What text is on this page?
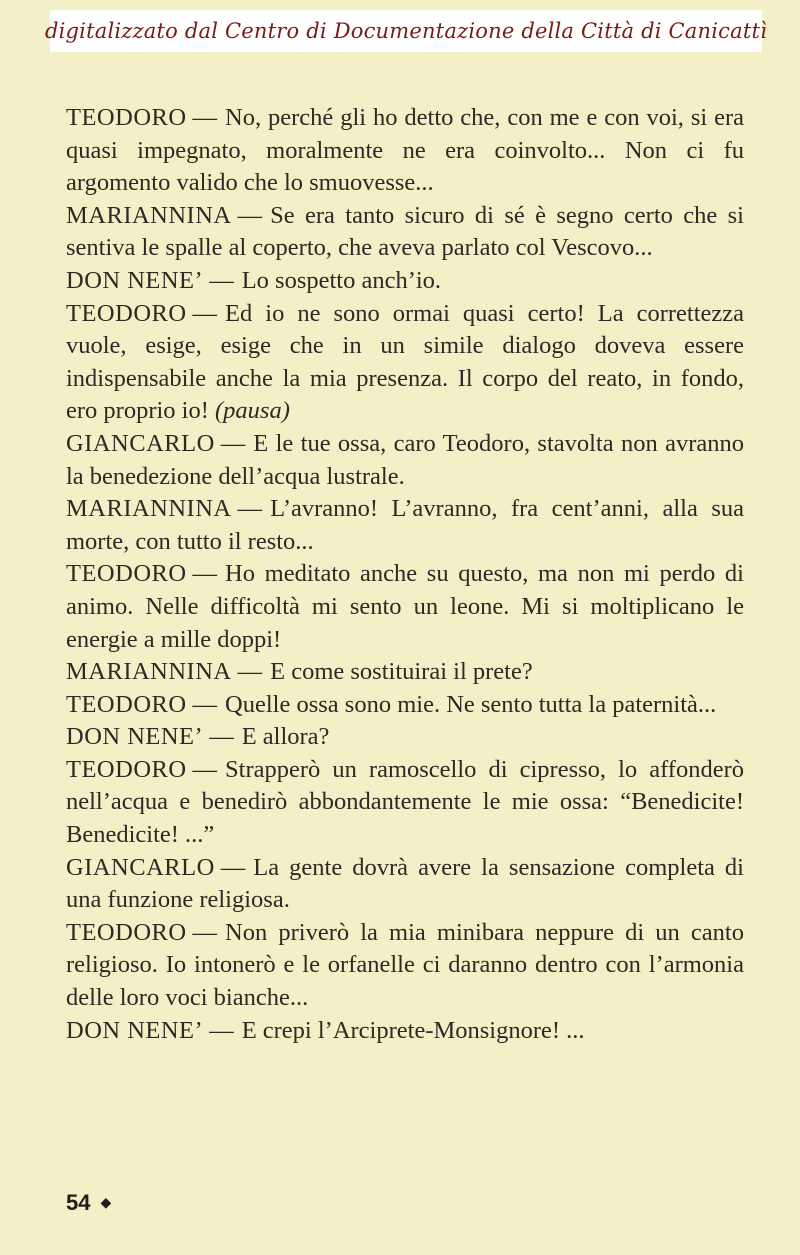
digitalizzato dal Centro di Documentazione della Città di Canicattì

TEODORO — No, perché gli ho detto che, con me e con voi, si era quasi impegnato, moralmente ne era coinvolto... Non ci fu argomento valido che lo smuovesse...

MARIANNINA — Se era tanto sicuro di sé è segno certo che si sentiva le spalle al coperto, che aveva parlato col Vescovo...

DON NENE’ — Lo sospetto anch’io.

TEODORO — Ed io ne sono ormai quasi certo! La correttezza vuole, esige, esige che in un simile dialogo doveva essere indispensabile anche la mia presenza. Il corpo del reato, in fondo, ero proprio io! (pausa)

GIANCARLO — E le tue ossa, caro Teodoro, stavolta non avranno la benedezione dell’acqua lustrale.

MARIANNINA — L’avranno! L’avranno, fra cent’anni, alla sua morte, con tutto il resto...

TEODORO — Ho meditato anche su questo, ma non mi perdo di animo. Nelle difficoltà mi sento un leone. Mi si moltiplicano le energie a mille doppi!

MARIANNINA — E come sostituirai il prete?

TEODORO — Quelle ossa sono mie. Ne sento tutta la paternità...

DON NENE’ — E allora?

TEODORO — Strapperò un ramoscello di cipresso, lo affonderò nell’acqua e benedirò abbondantemente le mie ossa: “Benedicite! Benedicite! ...”

GIANCARLO — La gente dovrà avere la sensazione completa di una funzione religiosa.

TEODORO — Non priverò la mia minibara neppure di un canto religioso. Io intonerò e le orfanelle ci daranno dentro con l’armonia delle loro voci bianche...

DON NENE’ — E crepi l’Arciprete-Monsignore! ...

54 ◆
